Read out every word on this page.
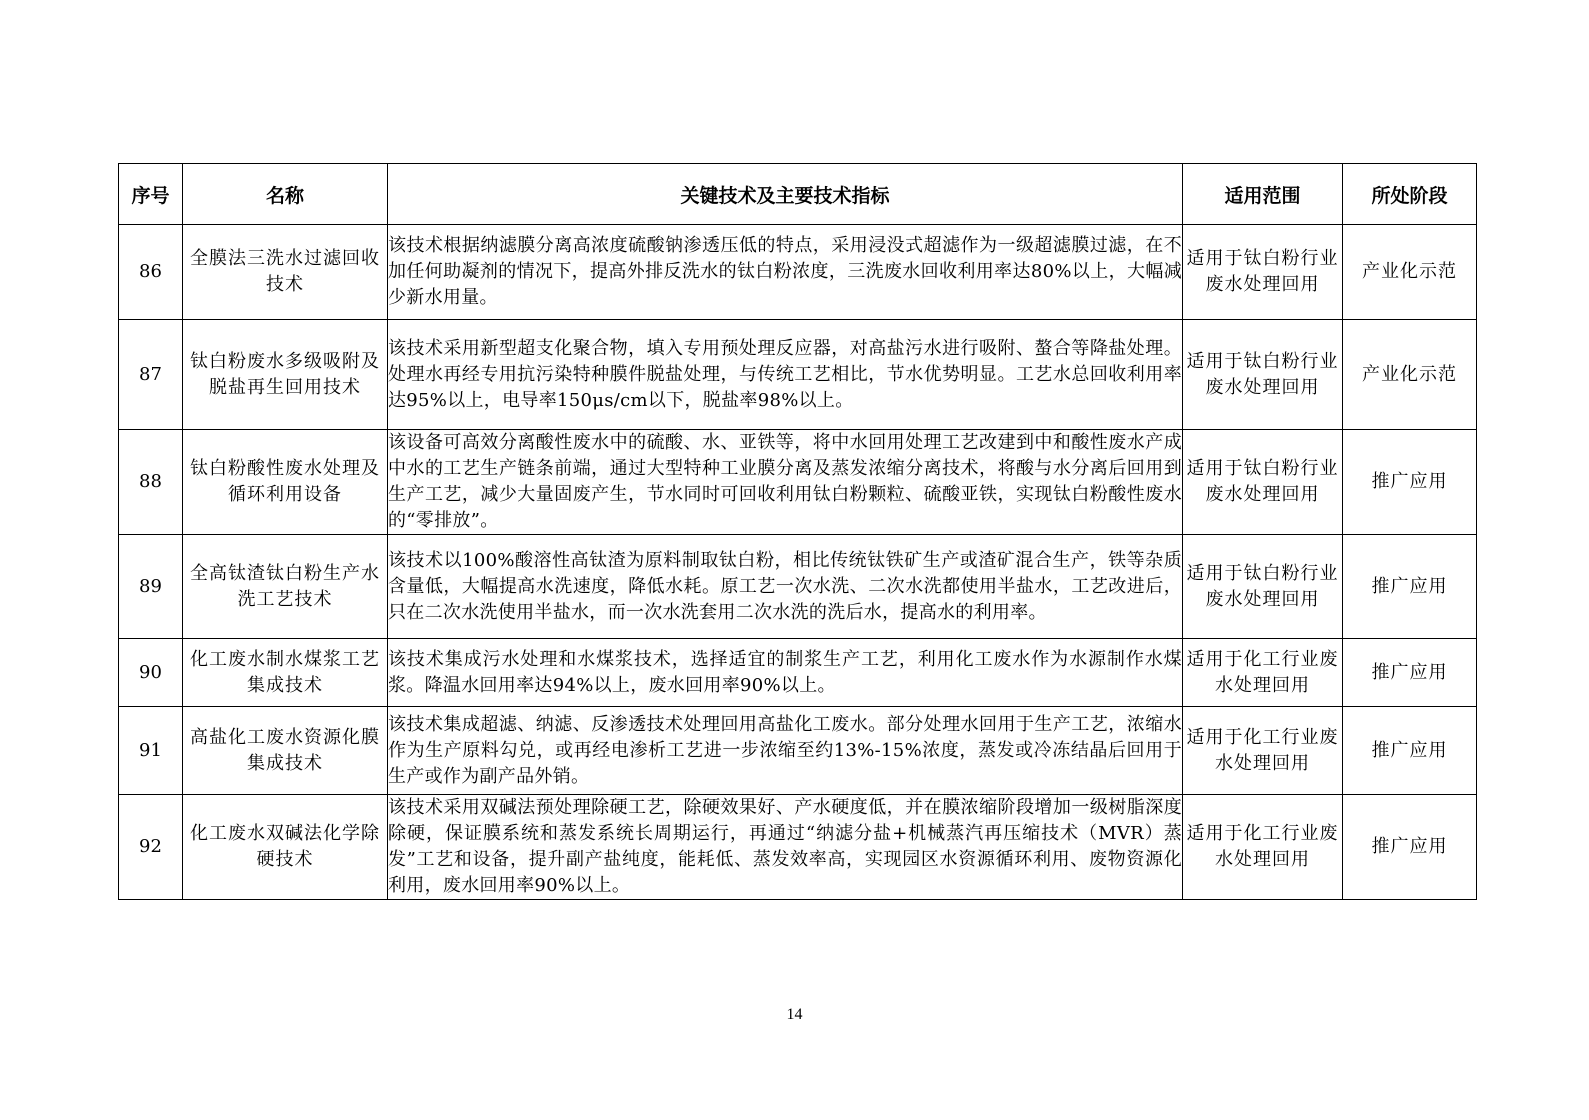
序号	名称	关键技术及主要技术指标	适用范围	所处阶段
86	全膜法三洗水过滤回收技术	该技术根据纳滤膜分离高浓度硫酸钠渗透压低的特点，采用浸没式超滤作为一级超滤膜过滤，在不加任何助凝剂的情况下，提高外排反洗水的钛白粉浓度，三洗废水回收利用率达80%以上，大幅减少新水用量。	适用于钛白粉行业废水处理回用	产业化示范
87	钛白粉废水多级吸附及脱盐再生回用技术	该技术采用新型超支化聚合物，填入专用预处理反应器，对高盐污水进行吸附、螯合等降盐处理。处理水再经专用抗污染特种膜件脱盐处理，与传统工艺相比，节水优势明显。工艺水总回收利用率达95%以上，电导率150μs/cm以下，脱盐率98%以上。	适用于钛白粉行业废水处理回用	产业化示范
88	钛白粉酸性废水处理及循环利用设备	该设备可高效分离酸性废水中的硫酸、水、亚铁等，将中水回用处理工艺改建到中和酸性废水产成中水的工艺生产链条前端，通过大型特种工业膜分离及蒸发浓缩分离技术，将酸与水分离后回用到生产工艺，减少大量固废产生，节水同时可回收利用钛白粉颗粒、硫酸亚铁，实现钛白粉酸性废水的“零排放”。	适用于钛白粉行业废水处理回用	推广应用
89	全高钛渣钛白粉生产水洗工艺技术	该技术以100%酸溶性高钛渣为原料制取钛白粉，相比传统钛铁矿生产或渣矿混合生产，铁等杂质含量低，大幅提高水洗速度，降低水耗。原工艺一次水洗、二次水洗都使用半盐水，工艺改进后，只在二次水洗使用半盐水，而一次水洗套用二次水洗的洗后水，提高水的利用率。	适用于钛白粉行业废水处理回用	推广应用
90	化工废水制水煤浆工艺集成技术	该技术集成污水处理和水煤浆技术，选择适宜的制浆生产工艺，利用化工废水作为水源制作水煤浆。降温水回用率达94%以上，废水回用率90%以上。	适用于化工行业废水处理回用	推广应用
91	高盐化工废水资源化膜集成技术	该技术集成超滤、纳滤、反渗透技术处理回用高盐化工废水。部分处理水回用于生产工艺，浓缩水作为生产原料勾兑，或再经电渗析工艺进一步浓缩至约13%-15%浓度，蒸发或冷冻结晶后回用于生产或作为副产品外销。	适用于化工行业废水处理回用	推广应用
92	化工废水双碱法化学除硬技术	该技术采用双碱法预处理除硬工艺，除硬效果好、产水硬度低，并在膜浓缩阶段增加一级树脂深度除硬，保证膜系统和蒸发系统长周期运行，再通过“纳滤分盐+机械蒸汽再压缩技术（MVR）蒸发”工艺和设备，提升副产盐纯度，能耗低、蒸发效率高，实现园区水资源循环利用、废物资源化利用，废水回用率90%以上。	适用于化工行业废水处理回用	推广应用
14
